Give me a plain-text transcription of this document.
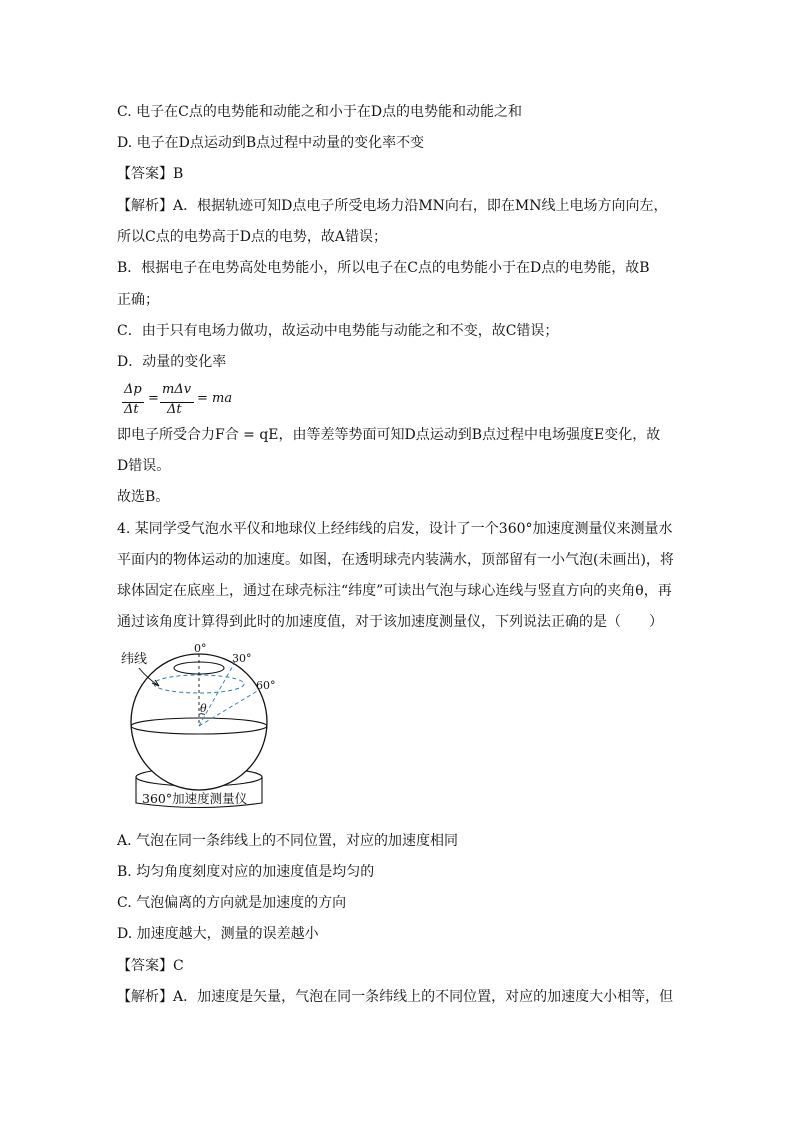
C. 电子在C点的电势能和动能之和小于在D点的电势能和动能之和
D. 电子在D点运动到B点过程中动量的变化率不变
【答案】B
【解析】A．根据轨迹可知D点电子所受电场力沿MN向右，即在MN线上电场方向向左，
所以C点的电势高于D点的电势，故A错误；
B．根据电子在电势高处电势能小，所以电子在C点的电势能小于在D点的电势能，故B
正确；
C．由于只有电场力做功，故运动中电势能与动能之和不变，故C错误；
D．动量的变化率
Δp
Δt
=
mΔv
Δt
= ma
即电子所受合力F合 = qE，由等差等势面可知D点运动到B点过程中电场强度E变化，故
D错误。
故选B。
4. 某同学受气泡水平仪和地球仪上经纬线的启发，设计了一个360°加速度测量仪来测量水
平面内的物体运动的加速度。如图，在透明球壳内装满水，顶部留有一小气泡(未画出)，将
球体固定在底座上，通过在球壳标注“纬度”可读出气泡与球心连线与竖直方向的夹角θ，再
通过该角度计算得到此时的加速度值，对于该加速度测量仪，下列说法正确的是（　　）
360°加速度测量仪
θ
0°
30°
60°
纬线
A. 气泡在同一条纬线上的不同位置，对应的加速度相同
B. 均匀角度刻度对应的加速度值是均匀的
C. 气泡偏离的方向就是加速度的方向
D. 加速度越大，测量的误差越小
【答案】C
【解析】A．加速度是矢量，气泡在同一条纬线上的不同位置，对应的加速度大小相等，但
